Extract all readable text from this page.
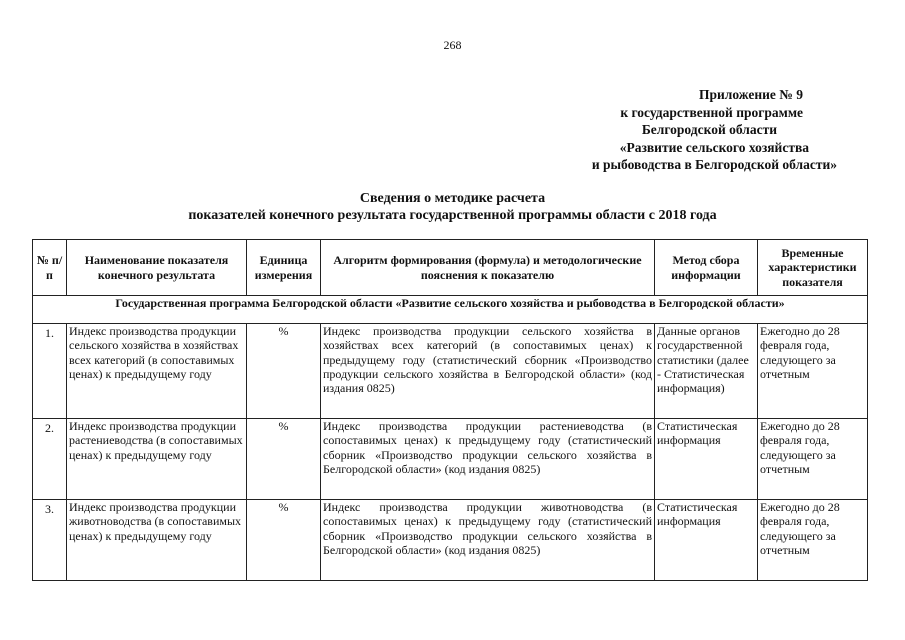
268
Приложение № 9
к государственной программе
Белгородской области
«Развитие сельского хозяйства
и рыбоводства в Белгородской области»
Сведения о методике расчета
показателей конечного результата государственной программы области с 2018 года
№ п/п	Наименование показателя конечного результата	Единица измерения	Алгоритм формирования (формула) и методологические пояснения к показателю	Метод сбора информации	Временные характеристики показателя
Государственная программа Белгородской области «Развитие сельского хозяйства и рыбоводства в Белгородской области»					
1.	Индекс производства продукции сельского хозяйства в хозяйствах всех категорий (в сопоставимых ценах) к предыдущему году	%	Индекс производства продукции сельского хозяйства в хозяйствах всех категорий (в сопоставимых ценах) к предыдущему году (статистический сборник «Производство продукции сельского хозяйства в Белгородской области» (код издания 0825)	Данные органов государственной статистики (далее - Статистическая информация)	Ежегодно до 28 февраля года, следующего за отчетным
2.	Индекс производства продукции растениеводства (в сопоставимых ценах) к предыдущему году	%	Индекс производства продукции растениеводства (в сопоставимых ценах) к предыдущему году (статистический сборник «Производство продукции сельского хозяйства в Белгородской области» (код издания 0825)	Статистическая информация	Ежегодно до 28 февраля года, следующего за отчетным
3.	Индекс производства продукции животноводства (в сопоставимых ценах) к предыдущему году	%	Индекс производства продукции животноводства (в сопоставимых ценах) к предыдущему году (статистический сборник «Производство продукции сельского хозяйства в Белгородской области» (код издания 0825)	Статистическая информация	Ежегодно до 28 февраля года, следующего за отчетным
